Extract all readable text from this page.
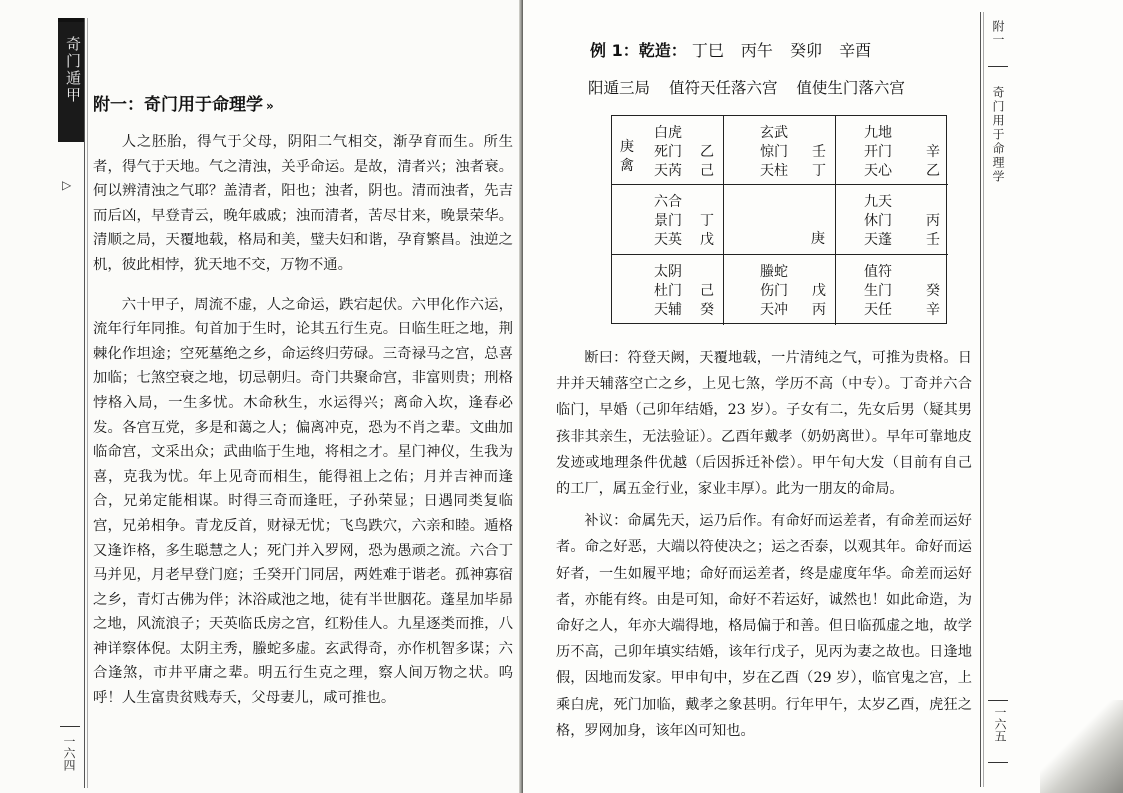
奇门遁甲
▷
附一：奇门用于命理学 »

人之胚胎，得气于父母，阴阳二气相交，渐孕育而生。所生者，得气于天地。气之清浊，关乎命运。是故，清者兴；浊者衰。何以辨清浊之气耶？盖清者，阳也；浊者，阴也。清而浊者，先吉而后凶，早登青云，晚年戚戚；浊而清者，苦尽甘来，晚景荣华。清顺之局，天覆地载，格局和美，璧夫妇和谐，孕育繁昌。浊逆之机，彼此相悖，犹天地不交，万物不通。

六十甲子，周流不虚，人之命运，跌宕起伏。六甲化作六运，流年行年同推。旬首加于生时，论其五行生克。日临生旺之地，荆棘化作坦途；空死墓绝之乡，命运终归劳碌。三奇禄马之宫，总喜加临；七煞空衰之地，切忌朝归。奇门共聚命宫，非富则贵；刑格悖格入局，一生多忧。木命秋生，水运得兴；离命入坎，逢春必发。各宫互党，多是和蔼之人；偏离冲克，恐为不肖之辈。文曲加临命宫，文采出众；武曲临于生地，将相之才。星门神仪，生我为喜，克我为忧。年上见奇而相生，能得祖上之佑；月并吉神而逢合，兄弟定能相谋。时得三奇而逢旺，子孙荣显；日遇同类复临宫，兄弟相争。青龙反首，财禄无忧；飞鸟跌穴，六亲和睦。遁格又逢诈格，多生聪慧之人；死门并入罗网，恐为愚顽之流。六合丁马并见，月老早登门庭；壬癸开门同居，两姓难于谐老。孤神寡宿之乡，青灯古佛为伴；沐浴咸池之地，徒有半世胭花。蓬星加毕昴之地，风流浪子；天英临氐房之宫，红粉佳人。九星逐类而推，八神详察体倪。太阴主秀，螣蛇多虚。玄武得奇，亦作机智多谋；六合逢煞，市井平庸之辈。明五行生克之理，察人间万物之状。呜呼！人生富贵贫贱寿夭，父母妻儿，咸可推也。

一六四
例 1：乾造： 丁巳 丙午 癸卯 辛酉
阳遁三局 值符天任落六宫 值使生门落六宫
庚
禽
白虎
死门 乙
天芮 己
玄武
惊门 壬
天柱 丁
九地
开门 辛
天心 乙
六合
景门 丁
天英 戊	庚
九天
休门 丙
天蓬 壬
太阴
杜门 己
天辅 癸
螣蛇
伤门 戊
天冲 丙
值符
生门 癸
天任 辛

断曰：符登天阙，天覆地载，一片清纯之气，可推为贵格。日井并天辅落空亡之乡，上见七煞，学历不高（中专）。丁奇并六合临门，早婚（己卯年结婚，23 岁）。子女有二，先女后男（疑其男孩非其亲生，无法验证）。乙酉年戴孝（奶奶离世）。早年可靠地皮发迹或地理条件优越（后因拆迁补偿）。甲午旬大发（目前有自己的工厂，属五金行业，家业丰厚）。此为一朋友的命局。

补议：命属先天，运乃后作。有命好而运差者，有命差而运好者。命之好恶，大端以符使决之；运之否泰，以观其年。命好而运好者，一生如履平地；命好而运差者，终是虚度年华。命差而运好者，亦能有终。由是可知，命好不若运好，诚然也！如此命造，为命好之人，年亦大端得地，格局偏于和善。但日临孤虚之地，故学历不高，己卯年填实结婚，该年行戊子，见丙为妻之故也。日逢地假，因地而发家。甲申旬中，岁在乙酉（29 岁），临官鬼之宫，上乘白虎，死门加临，戴孝之象甚明。行年甲午，太岁乙酉，虎狂之格，罗网加身，该年凶可知也。

附一
奇门用于命理学
一六五
